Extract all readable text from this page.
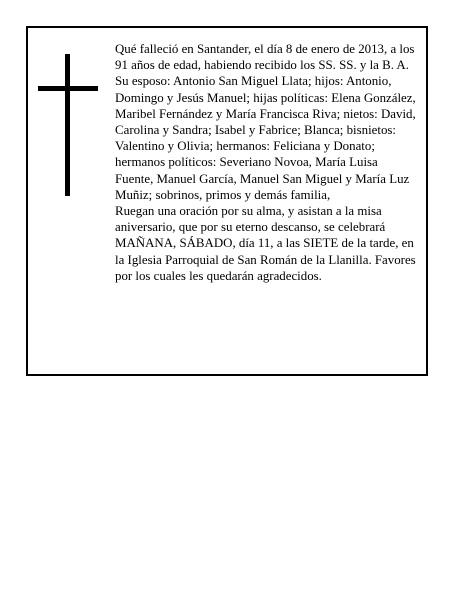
Qué falleció en Santander, el día 8 de enero de 2013, a los 91 años de edad, habiendo recibido los SS. SS. y la B. A.

Su esposo: Antonio San Miguel Llata; hijos: Antonio, Domingo y Jesús Manuel; hijas políticas: Elena González, Maribel Fernández y María Francisca Riva; nietos: David, Carolina y Sandra; Isabel y Fabrice; Blanca; bisnietos: Valentino y Olivia; hermanos: Feliciana y Donato; hermanos políticos: Severiano Novoa, María Luisa Fuente, Manuel García, Manuel San Miguel y María Luz Muñiz; sobrinos, primos y demás familia,

Ruegan una oración por su alma, y asistan a la misa aniversario, que por su eterno descanso, se celebrará MAÑANA, SÁBADO, día 11, a las SIETE de la tarde, en la Iglesia Parroquial de San Román de la Llanilla. Favores por los cuales les quedarán agradecidos.
